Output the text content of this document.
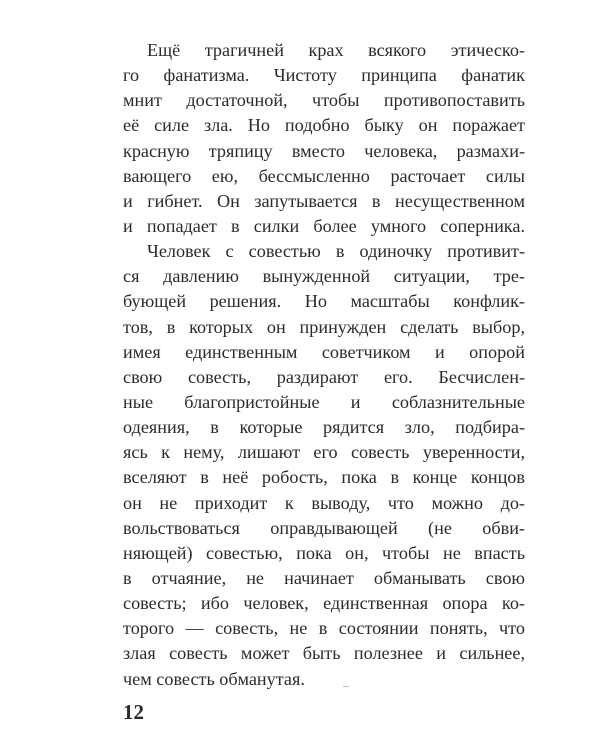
Ещё трагичней крах всякого этическо-
го фанатизма. Чистоту принципа фанатик
мнит достаточной, чтобы противопоставить
её силе зла. Но подобно быку он поражает
красную тряпицу вместо человека, размахи-
вающего ею, бессмысленно расточает силы
и гибнет. Он запутывается в несущественном
и попадает в силки более умного соперника.
Человек с совестью в одиночку противит-
ся давлению вынужденной ситуации, тре-
бующей решения. Но масштабы конфлик-
тов, в которых он принужден сделать выбор,
имея единственным советчиком и опорой
свою совесть, раздирают его. Бесчислен-
ные благопристойные и соблазнительные
одеяния, в которые рядится зло, подбира-
ясь к нему, лишают его совесть уверенности,
вселяют в неё робость, пока в конце концов
он не приходит к выводу, что можно до-
вольствоваться оправдывающей (не обви-
няющей) совестью, пока он, чтобы не впасть
в отчаяние, не начинает обманывать свою
совесть; ибо человек, единственная опора ко-
торого — совесть, не в состоянии понять, что
злая совесть может быть полезнее и сильнее,
чем совесть обманутая.
12
